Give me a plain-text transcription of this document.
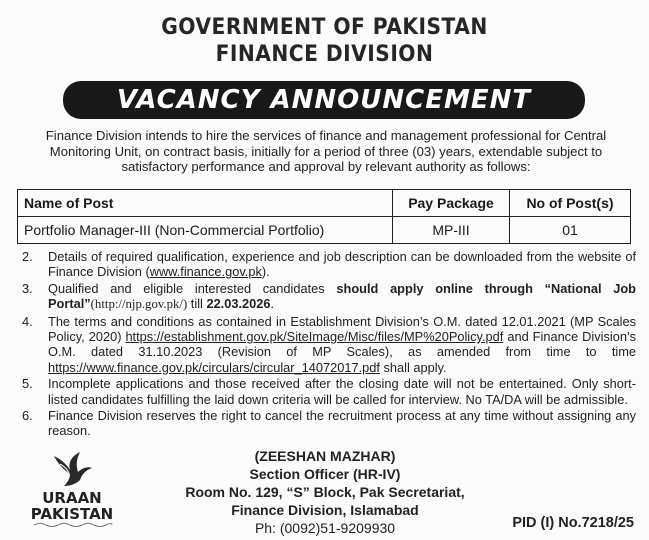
GOVERNMENT OF PAKISTAN
FINANCE DIVISION
VACANCY ANNOUNCEMENT
Finance Division intends to hire the services of finance and management professional for Central Monitoring Unit, on contract basis, initially for a period of three (03) years, extendable subject to satisfactory performance and approval by relevant authority as follows:
Name of Post	Pay Package	No of Post(s)
Portfolio Manager-III (Non-Commercial Portfolio)	MP-III	01
2.	Details of required qualification, experience and job description can be downloaded from the website of Finance Division (www.finance.gov.pk).
3.	Qualified and eligible interested candidates should apply online through “National Job Portal”(http://njp.gov.pk/) till 22.03.2026.
4.	The terms and conditions as contained in Establishment Division’s O.M. dated 12.01.2021 (MP Scales Policy, 2020) https://establishment.gov.pk/SiteImage/Misc/files/MP%20Policy.pdf and Finance Division’s O.M. dated 31.10.2023 (Revision of MP Scales), as amended from time to time https://www.finance.gov.pk/circulars/circular_14072017.pdf shall apply.
5.	Incomplete applications and those received after the closing date will not be entertained. Only short-listed candidates fulfilling the laid down criteria will be called for interview. No TA/DA will be admissible.
6.	Finance Division reserves the right to cancel the recruitment process at any time without assigning any reason.
URAAN
PAKISTAN
(ZEESHAN MAZHAR)
Section Officer (HR-IV)
Room No. 129, “S” Block, Pak Secretariat,
Finance Division, Islamabad
Ph: (0092)51-9209930	PID (I) No.7218/25
